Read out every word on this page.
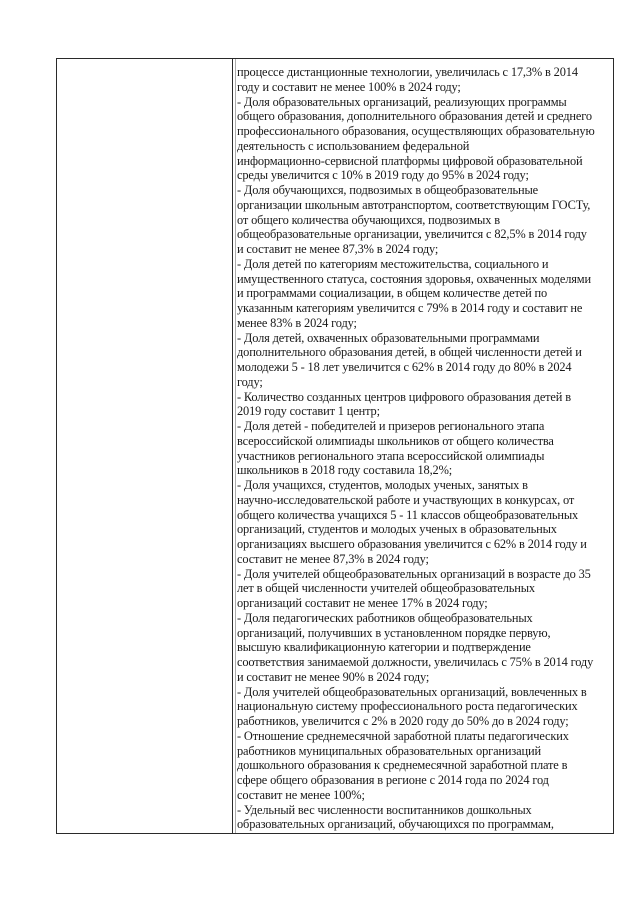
процессе дистанционные технологии, увеличилась с 17,3% в 2014
году и составит не менее 100% в 2024 году;
- Доля образовательных организаций, реализующих программы
общего образования, дополнительного образования детей и среднего
профессионального образования, осуществляющих образовательную
деятельность с использованием федеральной
информационно-сервисной платформы цифровой образовательной
среды увеличится с 10% в 2019 году до 95% в 2024 году;
- Доля обучающихся, подвозимых в общеобразовательные
организации школьным автотранспортом, соответствующим ГОСТу,
от общего количества обучающихся, подвозимых в
общеобразовательные организации, увеличится с 82,5% в 2014 году
и составит не менее 87,3% в 2024 году;
- Доля детей по категориям местожительства, социального и
имущественного статуса, состояния здоровья, охваченных моделями
и программами социализации, в общем количестве детей по
указанным категориям увеличится с 79% в 2014 году и составит не
менее 83% в 2024 году;
- Доля детей, охваченных образовательными программами
дополнительного образования детей, в общей численности детей и
молодежи 5 - 18 лет увеличится с 62% в 2014 году до 80% в 2024
году;
- Количество созданных центров цифрового образования детей в
2019 году составит 1 центр;
- Доля детей - победителей и призеров регионального этапа
всероссийской олимпиады школьников от общего количества
участников регионального этапа всероссийской олимпиады
школьников в 2018 году составила 18,2%;
- Доля учащихся, студентов, молодых ученых, занятых в
научно-исследовательской работе и участвующих в конкурсах, от
общего количества учащихся 5 - 11 классов общеобразовательных
организаций, студентов и молодых ученых в образовательных
организациях высшего образования увеличится с 62% в 2014 году и
составит не менее 87,3% в 2024 году;
- Доля учителей общеобразовательных организаций в возрасте до 35
лет в общей численности учителей общеобразовательных
организаций составит не менее 17% в 2024 году;
- Доля педагогических работников общеобразовательных
организаций, получивших в установленном порядке первую,
высшую квалификационную категории и подтверждение
соответствия занимаемой должности, увеличилась с 75% в 2014 году
и составит не менее 90% в 2024 году;
- Доля учителей общеобразовательных организаций, вовлеченных в
национальную систему профессионального роста педагогических
работников, увеличится с 2% в 2020 году до 50% до в 2024 году;
- Отношение среднемесячной заработной платы педагогических
работников муниципальных образовательных организаций
дошкольного образования к среднемесячной заработной плате в
сфере общего образования в регионе с 2014 года по 2024 год
составит не менее 100%;
- Удельный вес численности воспитанников дошкольных
образовательных организаций, обучающихся по программам,
